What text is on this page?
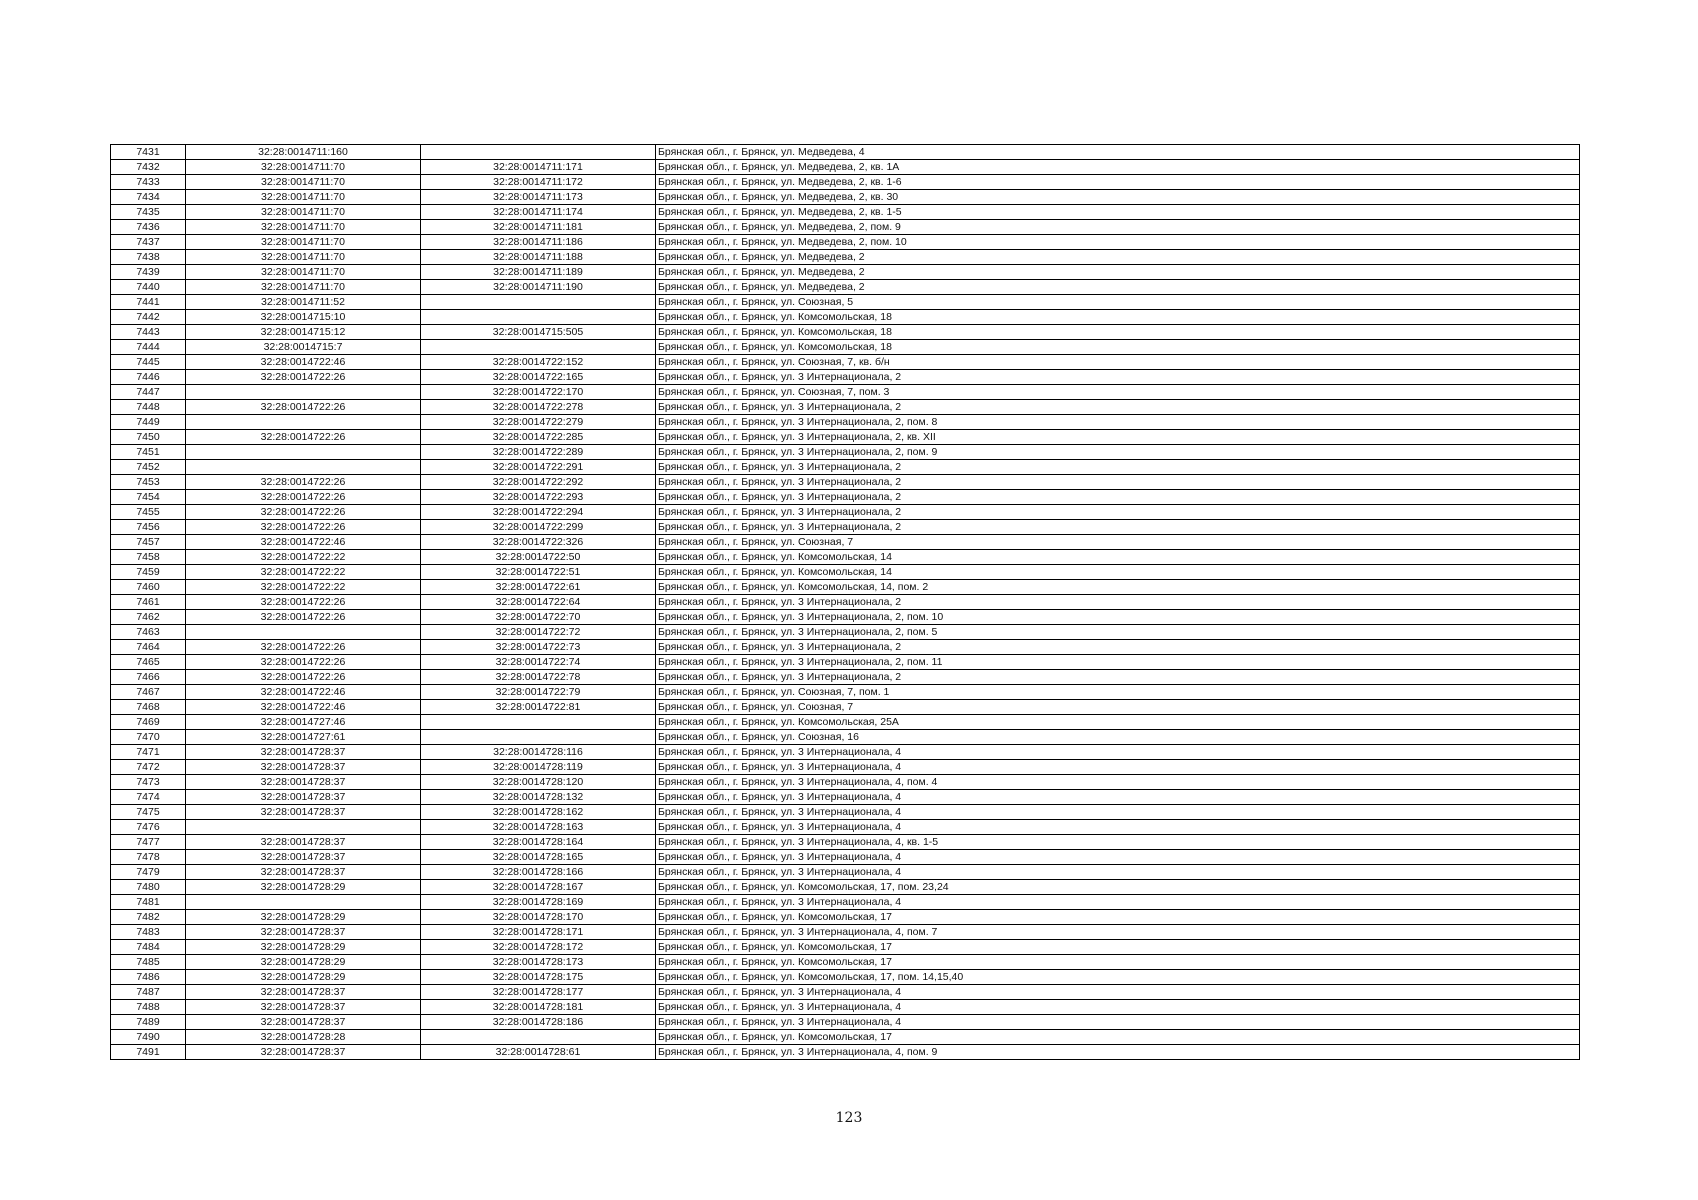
7431	32:28:0014711:160		Брянская обл., г. Брянск, ул. Медведева, 4
7432	32:28:0014711:70	32:28:0014711:171	Брянская обл., г. Брянск, ул. Медведева, 2, кв. 1А
7433	32:28:0014711:70	32:28:0014711:172	Брянская обл., г. Брянск, ул. Медведева, 2, кв. 1-6
7434	32:28:0014711:70	32:28:0014711:173	Брянская обл., г. Брянск, ул. Медведева, 2, кв. 30
7435	32:28:0014711:70	32:28:0014711:174	Брянская обл., г. Брянск, ул. Медведева, 2, кв. 1-5
7436	32:28:0014711:70	32:28:0014711:181	Брянская обл., г. Брянск, ул. Медведева, 2, пом. 9
7437	32:28:0014711:70	32:28:0014711:186	Брянская обл., г. Брянск, ул. Медведева, 2, пом. 10
7438	32:28:0014711:70	32:28:0014711:188	Брянская обл., г. Брянск, ул. Медведева, 2
7439	32:28:0014711:70	32:28:0014711:189	Брянская обл., г. Брянск, ул. Медведева, 2
7440	32:28:0014711:70	32:28:0014711:190	Брянская обл., г. Брянск, ул. Медведева, 2
7441	32:28:0014711:52		Брянская обл., г. Брянск, ул. Союзная, 5
7442	32:28:0014715:10		Брянская обл., г. Брянск, ул. Комсомольская, 18
7443	32:28:0014715:12	32:28:0014715:505	Брянская обл., г. Брянск, ул. Комсомольская, 18
7444	32:28:0014715:7		Брянская обл., г. Брянск, ул. Комсомольская, 18
7445	32:28:0014722:46	32:28:0014722:152	Брянская обл., г. Брянск, ул. Союзная, 7, кв. б/н
7446	32:28:0014722:26	32:28:0014722:165	Брянская обл., г. Брянск, ул. 3 Интернационала, 2
7447		32:28:0014722:170	Брянская обл., г. Брянск, ул. Союзная, 7, пом. 3
7448	32:28:0014722:26	32:28:0014722:278	Брянская обл., г. Брянск, ул. 3 Интернационала, 2
7449		32:28:0014722:279	Брянская обл., г. Брянск, ул. 3 Интернационала, 2, пом. 8
7450	32:28:0014722:26	32:28:0014722:285	Брянская обл., г. Брянск, ул. 3 Интернационала, 2, кв. XII
7451		32:28:0014722:289	Брянская обл., г. Брянск, ул. 3 Интернационала, 2, пом. 9
7452		32:28:0014722:291	Брянская обл., г. Брянск, ул. 3 Интернационала, 2
7453	32:28:0014722:26	32:28:0014722:292	Брянская обл., г. Брянск, ул. 3 Интернационала, 2
7454	32:28:0014722:26	32:28:0014722:293	Брянская обл., г. Брянск, ул. 3 Интернационала, 2
7455	32:28:0014722:26	32:28:0014722:294	Брянская обл., г. Брянск, ул. 3 Интернационала, 2
7456	32:28:0014722:26	32:28:0014722:299	Брянская обл., г. Брянск, ул. 3 Интернационала, 2
7457	32:28:0014722:46	32:28:0014722:326	Брянская обл., г. Брянск, ул. Союзная, 7
7458	32:28:0014722:22	32:28:0014722:50	Брянская обл., г. Брянск, ул. Комсомольская, 14
7459	32:28:0014722:22	32:28:0014722:51	Брянская обл., г. Брянск, ул. Комсомольская, 14
7460	32:28:0014722:22	32:28:0014722:61	Брянская обл., г. Брянск, ул. Комсомольская, 14, пом. 2
7461	32:28:0014722:26	32:28:0014722:64	Брянская обл., г. Брянск, ул. 3 Интернационала, 2
7462	32:28:0014722:26	32:28:0014722:70	Брянская обл., г. Брянск, ул. 3 Интернационала, 2, пом. 10
7463		32:28:0014722:72	Брянская обл., г. Брянск, ул. 3 Интернационала, 2, пом. 5
7464	32:28:0014722:26	32:28:0014722:73	Брянская обл., г. Брянск, ул. 3 Интернационала, 2
7465	32:28:0014722:26	32:28:0014722:74	Брянская обл., г. Брянск, ул. 3 Интернационала, 2, пом. 11
7466	32:28:0014722:26	32:28:0014722:78	Брянская обл., г. Брянск, ул. 3 Интернационала, 2
7467	32:28:0014722:46	32:28:0014722:79	Брянская обл., г. Брянск, ул. Союзная, 7, пом. 1
7468	32:28:0014722:46	32:28:0014722:81	Брянская обл., г. Брянск, ул. Союзная, 7
7469	32:28:0014727:46		Брянская обл., г. Брянск, ул. Комсомольская, 25А
7470	32:28:0014727:61		Брянская обл., г. Брянск, ул. Союзная, 16
7471	32:28:0014728:37	32:28:0014728:116	Брянская обл., г. Брянск, ул. 3 Интернационала, 4
7472	32:28:0014728:37	32:28:0014728:119	Брянская обл., г. Брянск, ул. 3 Интернационала, 4
7473	32:28:0014728:37	32:28:0014728:120	Брянская обл., г. Брянск, ул. 3 Интернационала, 4, пом. 4
7474	32:28:0014728:37	32:28:0014728:132	Брянская обл., г. Брянск, ул. 3 Интернационала, 4
7475	32:28:0014728:37	32:28:0014728:162	Брянская обл., г. Брянск, ул. 3 Интернационала, 4
7476		32:28:0014728:163	Брянская обл., г. Брянск, ул. 3 Интернационала, 4
7477	32:28:0014728:37	32:28:0014728:164	Брянская обл., г. Брянск, ул. 3 Интернационала, 4, кв. 1-5
7478	32:28:0014728:37	32:28:0014728:165	Брянская обл., г. Брянск, ул. 3 Интернационала, 4
7479	32:28:0014728:37	32:28:0014728:166	Брянская обл., г. Брянск, ул. 3 Интернационала, 4
7480	32:28:0014728:29	32:28:0014728:167	Брянская обл., г. Брянск, ул. Комсомольская, 17, пом. 23,24
7481		32:28:0014728:169	Брянская обл., г. Брянск, ул. 3 Интернационала, 4
7482	32:28:0014728:29	32:28:0014728:170	Брянская обл., г. Брянск, ул. Комсомольская, 17
7483	32:28:0014728:37	32:28:0014728:171	Брянская обл., г. Брянск, ул. 3 Интернационала, 4, пом. 7
7484	32:28:0014728:29	32:28:0014728:172	Брянская обл., г. Брянск, ул. Комсомольская, 17
7485	32:28:0014728:29	32:28:0014728:173	Брянская обл., г. Брянск, ул. Комсомольская, 17
7486	32:28:0014728:29	32:28:0014728:175	Брянская обл., г. Брянск, ул. Комсомольская, 17, пом. 14,15,40
7487	32:28:0014728:37	32:28:0014728:177	Брянская обл., г. Брянск, ул. 3 Интернационала, 4
7488	32:28:0014728:37	32:28:0014728:181	Брянская обл., г. Брянск, ул. 3 Интернационала, 4
7489	32:28:0014728:37	32:28:0014728:186	Брянская обл., г. Брянск, ул. 3 Интернационала, 4
7490	32:28:0014728:28		Брянская обл., г. Брянск, ул. Комсомольская, 17
7491	32:28:0014728:37	32:28:0014728:61	Брянская обл., г. Брянск, ул. 3 Интернационала, 4, пом. 9
123
